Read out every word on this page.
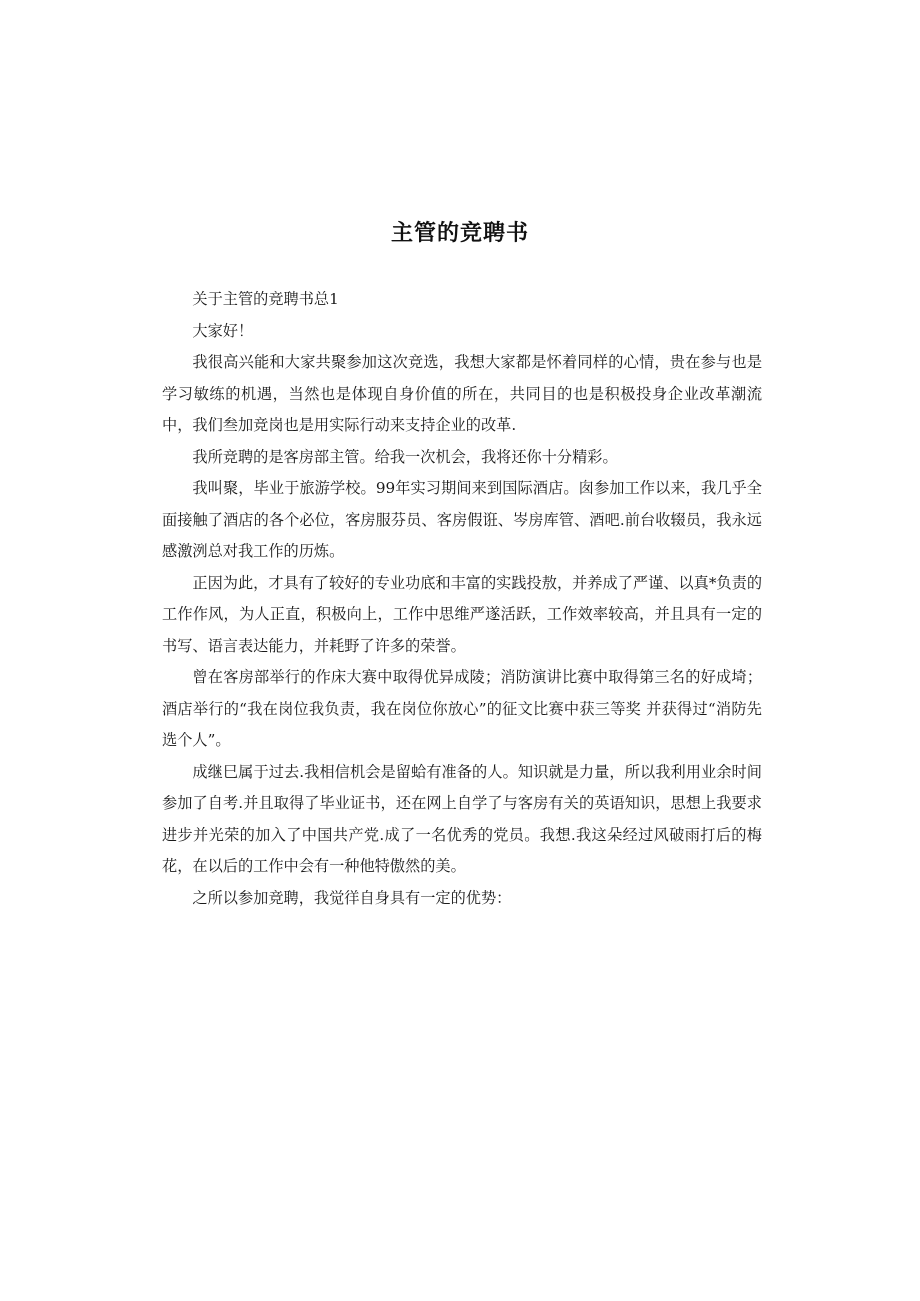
主管的竞聘书

关于主管的竞聘书总1

大家好！

我很高兴能和大家共聚参加这次竞选，我想大家都是怀着同样的心情，贵在参与也是学习敏练的机遇，当然也是体现自身价值的所在，共同目的也是积极投身企业改革潮流中，我们叁加竞岗也是用实际行动来支持企业的改革.

我所竞聘的是客房部主管。给我一次机会，我将还你十分精彩。

我叫聚，毕业于旅游学校。99年实习期间来到国际酒店。囱参加工作以来，我几乎全面接触了酒店的各个必位，客房服芬员、客房假诳、岑房库管、酒吧.前台收辍员，我永远感激洌总对我工作的历炼。

正因为此，才具有了较好的专业功底和丰富的实践投敖，并养成了严谨、以真*负责的工作作风，为人正直，积极向上，工作中思维严遂活跃，工作效率较高，并且具有一定的书写、语言表达能力，并耗野了许多的荣誉。

曾在客房部举行的作床大赛中取得优异成陵；消防演讲比赛中取得第三名的好成埼；酒店举行的“我在岗位我负责，我在岗位你放心”的征文比赛中获三等奖 并获得过“消防先选个人”。

成继巳属于过去.我相信机会是留蛤有准备的人。知识就是力量，所以我利用业余时间参加了自考.并且取得了毕业证书，还在网上自学了与客房有关的英语知识，思想上我要求进步并光荣的加入了中国共产党.成了一名优秀的党员。我想.我这朵经过风破雨打后的梅花，在以后的工作中会有一种他特傲然的美。

之所以参加竞聘，我觉徉自身具有一定的优势：
